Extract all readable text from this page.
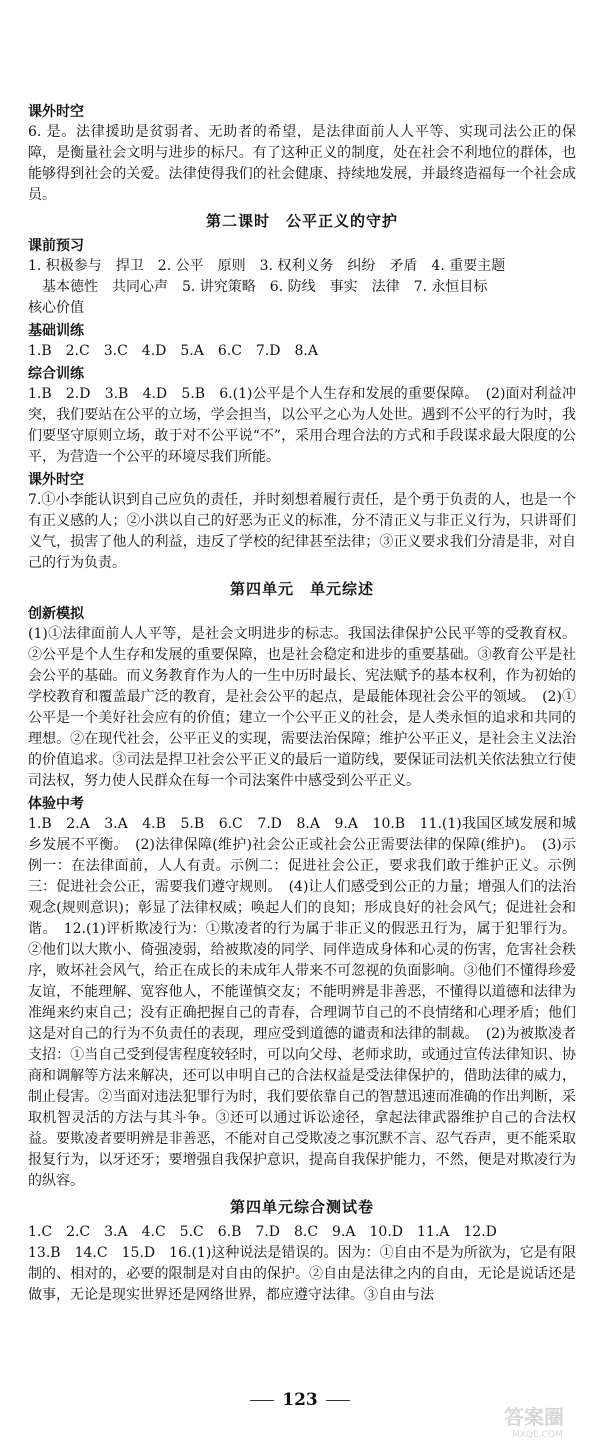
课外时空

6. 是。法律援助是贫弱者、无助者的希望，是法律面前人人平等、实现司法公正的保障，是衡量社会文明与进步的标尺。有了这种正义的制度，处在社会不利地位的群体，也能够得到社会的关爱。法律使得我们的社会健康、持续地发展，并最终造福每一个社会成员。

第二课时　公平正义的守护
课前预习

1. 积极参与　捍卫　2. 公平　原则　3. 权利义务　纠纷　矛盾　4. 重要主题

基本德性　共同心声　5. 讲究策略　6. 防线　事实　法律　7. 永恒目标

核心价值

基础训练

1.B　2.C　3.C　4.D　5.A　6.C　7.D　8.A

综合训练

1.B　2.D　3.B　4.D　5.B　6.(1)公平是个人生存和发展的重要保障。　(2)面对利益冲突，我们要站在公平的立场，学会担当，以公平之心为人处世。遇到不公平的行为时，我们要坚守原则立场，敢于对不公平说“不”，采用合理合法的方式和手段谋求最大限度的公平，为营造一个公平的环境尽我们所能。

课外时空

7.①小李能认识到自己应负的责任，并时刻想着履行责任，是个勇于负责的人，也是一个有正义感的人；②小洪以自己的好恶为正义的标准，分不清正义与非正义行为，只讲哥们义气，损害了他人的利益，违反了学校的纪律甚至法律；③正义要求我们分清是非，对自己的行为负责。

第四单元　单元综述
创新模拟

(1)①法律面前人人平等，是社会文明进步的标志。我国法律保护公民平等的受教育权。②公平是个人生存和发展的重要保障，也是社会稳定和进步的重要基础。③教育公平是社会公平的基础。而义务教育作为人的一生中历时最长、宪法赋予的基本权利，作为初始的学校教育和覆盖最广泛的教育，是社会公平的起点，是最能体现社会公平的领域。　(2)①公平是一个美好社会应有的价值；建立一个公平正义的社会，是人类永恒的追求和共同的理想。②在现代社会，公平正义的实现，需要法治保障；维护公平正义，是社会主义法治的价值追求。③司法是捍卫社会公平正义的最后一道防线，要保证司法机关依法独立行使司法权，努力使人民群众在每一个司法案件中感受到公平正义。

体验中考

1.B　2.A　3.A　4.B　5.B　6.C　7.D　8.A　9.A　10.B　11.(1)我国区域发展和城乡发展不平衡。　(2)法律保障(维护)社会公正或社会公正需要法律的保障(维护)。　(3)示例一：在法律面前，人人有责。示例二：促进社会公正，要求我们敢于维护正义。示例三：促进社会公正，需要我们遵守规则。　(4)让人们感受到公正的力量；增强人们的法治观念(规则意识)；彰显了法律权威；唤起人们的良知；形成良好的社会风气；促进社会和谐。　12.(1)评析欺凌行为：①欺凌者的行为属于非正义的假恶丑行为，属于犯罪行为。②他们以大欺小、倚强凌弱，给被欺凌的同学、同伴造成身体和心灵的伤害，危害社会秩序，败坏社会风气，给正在成长的未成年人带来不可忽视的负面影响。③他们不懂得珍爱友谊，不能理解、宽容他人，不能谨慎交友；不能明辨是非善恶，不懂得以道德和法律为准绳来约束自己；没有正确把握自己的青春，合理调节自己的不良情绪和心理矛盾；他们这是对自己的行为不负责任的表现，理应受到道德的谴责和法律的制裁。　(2)为被欺凌者支招：①当自己受到侵害程度较轻时，可以向父母、老师求助，或通过宣传法律知识、协商和调解等方法来解决，还可以申明自己的合法权益是受法律保护的，借助法律的威力，制止侵害。②当面对违法犯罪行为时，我们要依靠自己的智慧迅速而准确的作出判断，采取机智灵活的方法与其斗争。③还可以通过诉讼途径，拿起法律武器维护自己的合法权益。要欺凌者要明辨是非善恶，不能对自己受欺凌之事沉默不言、忍气吞声，更不能采取报复行为，以牙还牙；要增强自我保护意识，提高自我保护能力，不然，便是对欺凌行为的纵容。

第四单元综合测试卷

1.C　2.C　3.A　4.C　5.C　6.B　7.D　8.C　9.A　10.D　11.A　12.D

13.B　14.C　15.D　16.(1)这种说法是错误的。因为：①自由不是为所欲为，它是有限制的、相对的，必要的限制是对自由的保护。②自由是法律之内的自由，无论是说话还是做事，无论是现实世界还是网络世界，都应遵守法律。③自由与法

123
答案圈
MXQE.COM
